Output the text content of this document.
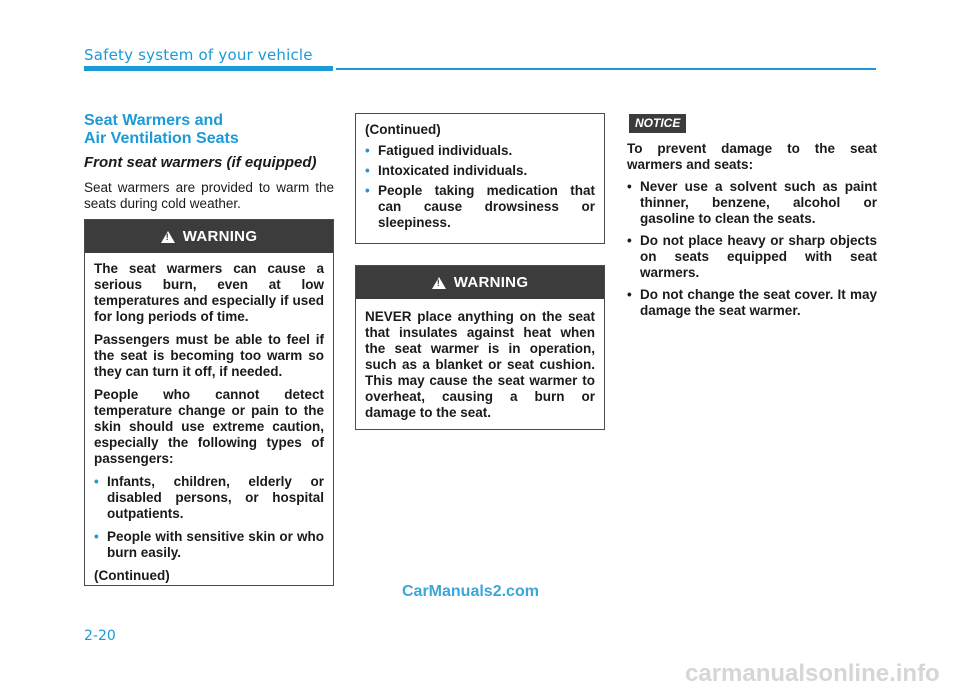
Safety system of your vehicle
Seat Warmers and
Air Ventilation Seats
Front seat warmers (if equipped)

Seat warmers are provided to warm the seats during cold weather.

!
WARNING

The seat warmers can cause a serious burn, even at low temperatures and especially if used for long periods of time.

Passengers must be able to feel if the seat is becoming too warm so they can turn it off, if needed.

People who cannot detect temperature change or pain to the skin should use extreme caution, especially the following types of passengers:

• Infants, children, elderly or disabled persons, or hospital outpatients.
• People with sensitive skin or who burn easily.

(Continued)

(Continued)

• Fatigued individuals.
• Intoxicated individuals.
• People taking medication that can cause drowsiness or sleepiness.
!
WARNING

NEVER place anything on the seat that insulates against heat when the seat warmer is in operation, such as a blanket or seat cushion. This may cause the seat warmer to overheat, causing a burn or damage to the seat.

NOTICE

To prevent damage to the seat warmers and seats:

• Never use a solvent such as paint thinner, benzene, alcohol or gasoline to clean the seats.
• Do not place heavy or sharp objects on seats equipped with seat warmers.
• Do not change the seat cover. It may damage the seat warmer.
CarManuals2.com
2-20
carmanualsonline.info
